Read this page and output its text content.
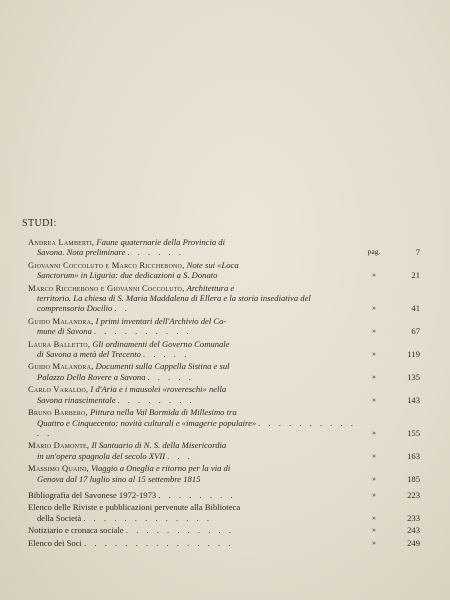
STUDI:
Andrea Lamberti, Faune quaternarie della Provincia di
Savona. Nota preliminare . . . . . .	pag.	7
Giovanni Coccoluto e Marco Ricchebono, Note sui «Loca
Sanctorum» in Liguria: due dedicazioni a S. Donato	»	21
Marco Ricchebono e Giovanni Coccoluto, Architettura e
territorio. La chiesa di S. Maria Maddalena di Ellera e la storia insediativa del comprensorio Docilio . .	»	41
Guido Malandra, I primi inventari dell'Archivio del Co-
mune di Savona . . . . . . . . . .	»	67
Laura Balletto, Gli ordinamenti del Governo Comunale
di Savona a metà del Trecento . . . . .	»	119
Guido Malandra, Documenti sulla Cappella Sistina e sul
Palazzo Della Rovere a Savona . . . . .	»	135
Carlo Varaldo, I d'Aria e i mausolei «rovereschi» nella
Savona rinascimentale . . . . . . . .	»	143
Bruno Barbero, Pittura nella Val Bormida di Millesimo tra
Quattro e Cinquecento: novità culturali e «imagerie populaire» . . . . . . . . . . . .	»	155
Mario Damonte, Il Santuario di N. S. della Misericordia
in un'opera spagnola del secolo XVII . . .	»	163
Massimo Quaini, Viaggio a Oneglia e ritorno per la via di
Genova dal 17 luglio sino al 15 settembre 1815	»	185
Bibliografia del Savonese 1972-1973 . . . . . . . .	»	223
Elenco delle Riviste e pubblicazioni pervenute alla Biblioteca
della Società . . . . . . . . . . . . .	»	233
Notiziario e cronaca sociale . . . . . . . . . . .	»	243
Elenco dei Soci . . . . . . . . . . . . . . .	»	249
